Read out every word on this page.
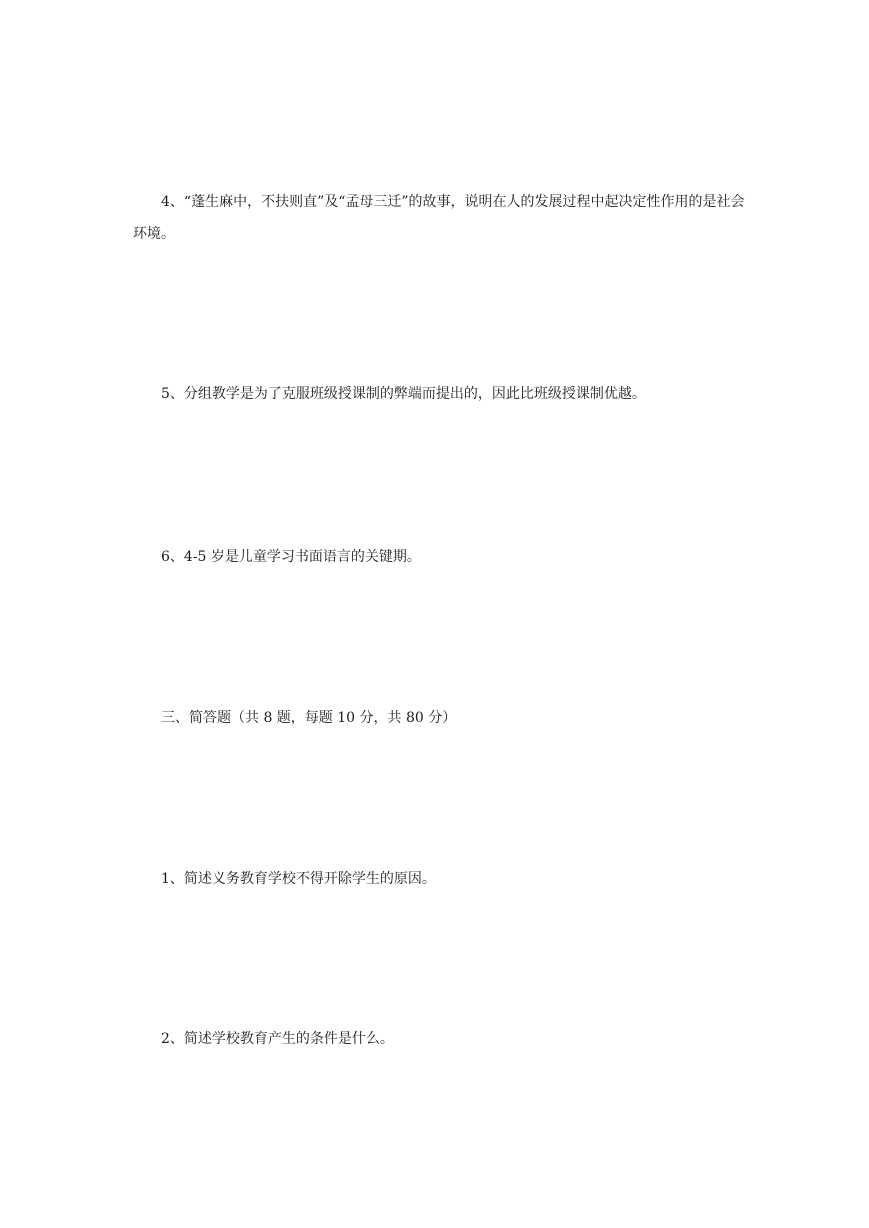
4、“蓬生麻中，不扶则直”及“孟母三迁”的故事，说明在人的发展过程中起决定性作用的是社会环境。

5、分组教学是为了克服班级授课制的弊端而提出的，因此比班级授课制优越。

6、4-5 岁是儿童学习书面语言的关键期。

三、简答题（共 8 题，每题 10 分，共 80 分）

1、简述义务教育学校不得开除学生的原因。

2、简述学校教育产生的条件是什么。
